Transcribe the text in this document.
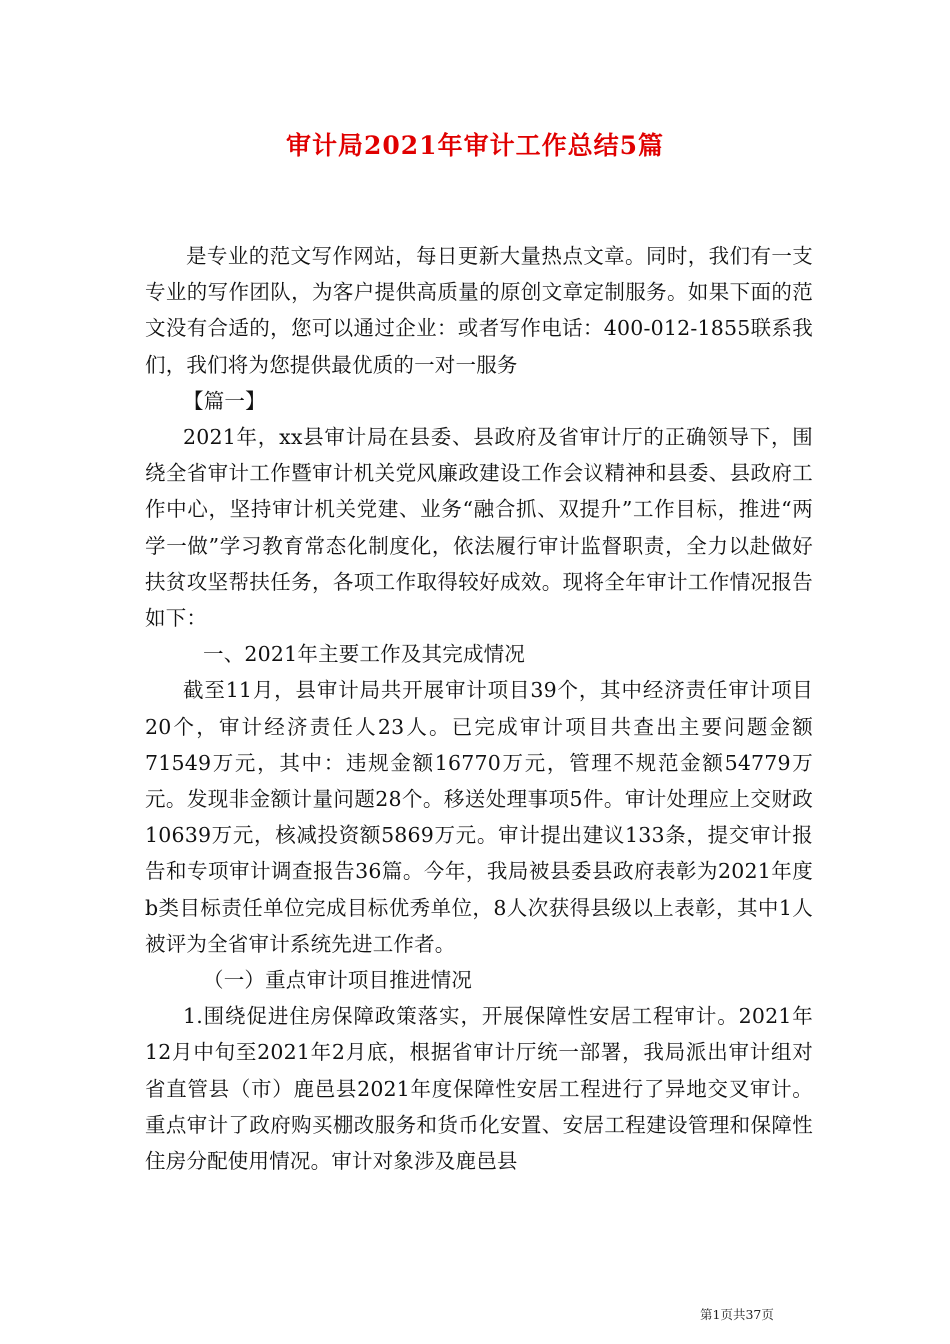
审计局2021年审计工作总结5篇

是专业的范文写作网站，每日更新大量热点文章。同时，我们有一支专业的写作团队，为客户提供高质量的原创文章定制服务。如果下面的范文没有合适的，您可以通过企业：或者写作电话：400-012-1855联系我们，我们将为您提供最优质的一对一服务

【篇一】

2021年，xx县审计局在县委、县政府及省审计厅的正确领导下，围绕全省审计工作暨审计机关党风廉政建设工作会议精神和县委、县政府工作中心，坚持审计机关党建、业务“融合抓、双提升”工作目标，推进“两学一做”学习教育常态化制度化，依法履行审计监督职责，全力以赴做好扶贫攻坚帮扶任务，各项工作取得较好成效。现将全年审计工作情况报告如下：

一、2021年主要工作及其完成情况

截至11月，县审计局共开展审计项目39个，其中经济责任审计项目20个，审计经济责任人23人。已完成审计项目共查出主要问题金额71549万元，其中：违规金额16770万元，管理不规范金额54779万元。发现非金额计量问题28个。移送处理事项5件。审计处理应上交财政10639万元，核减投资额5869万元。审计提出建议133条，提交审计报告和专项审计调查报告36篇。今年，我局被县委县政府表彰为2021年度b类目标责任单位完成目标优秀单位，8人次获得县级以上表彰，其中1人被评为全省审计系统先进工作者。

（一）重点审计项目推进情况

1.围绕促进住房保障政策落实，开展保障性安居工程审计。2021年12月中旬至2021年2月底，根据省审计厅统一部署，我局派出审计组对省直管县（市）鹿邑县2021年度保障性安居工程进行了异地交叉审计。重点审计了政府购买棚改服务和货币化安置、安居工程建设管理和保障性住房分配使用情况。审计对象涉及鹿邑县

第1页共37页
